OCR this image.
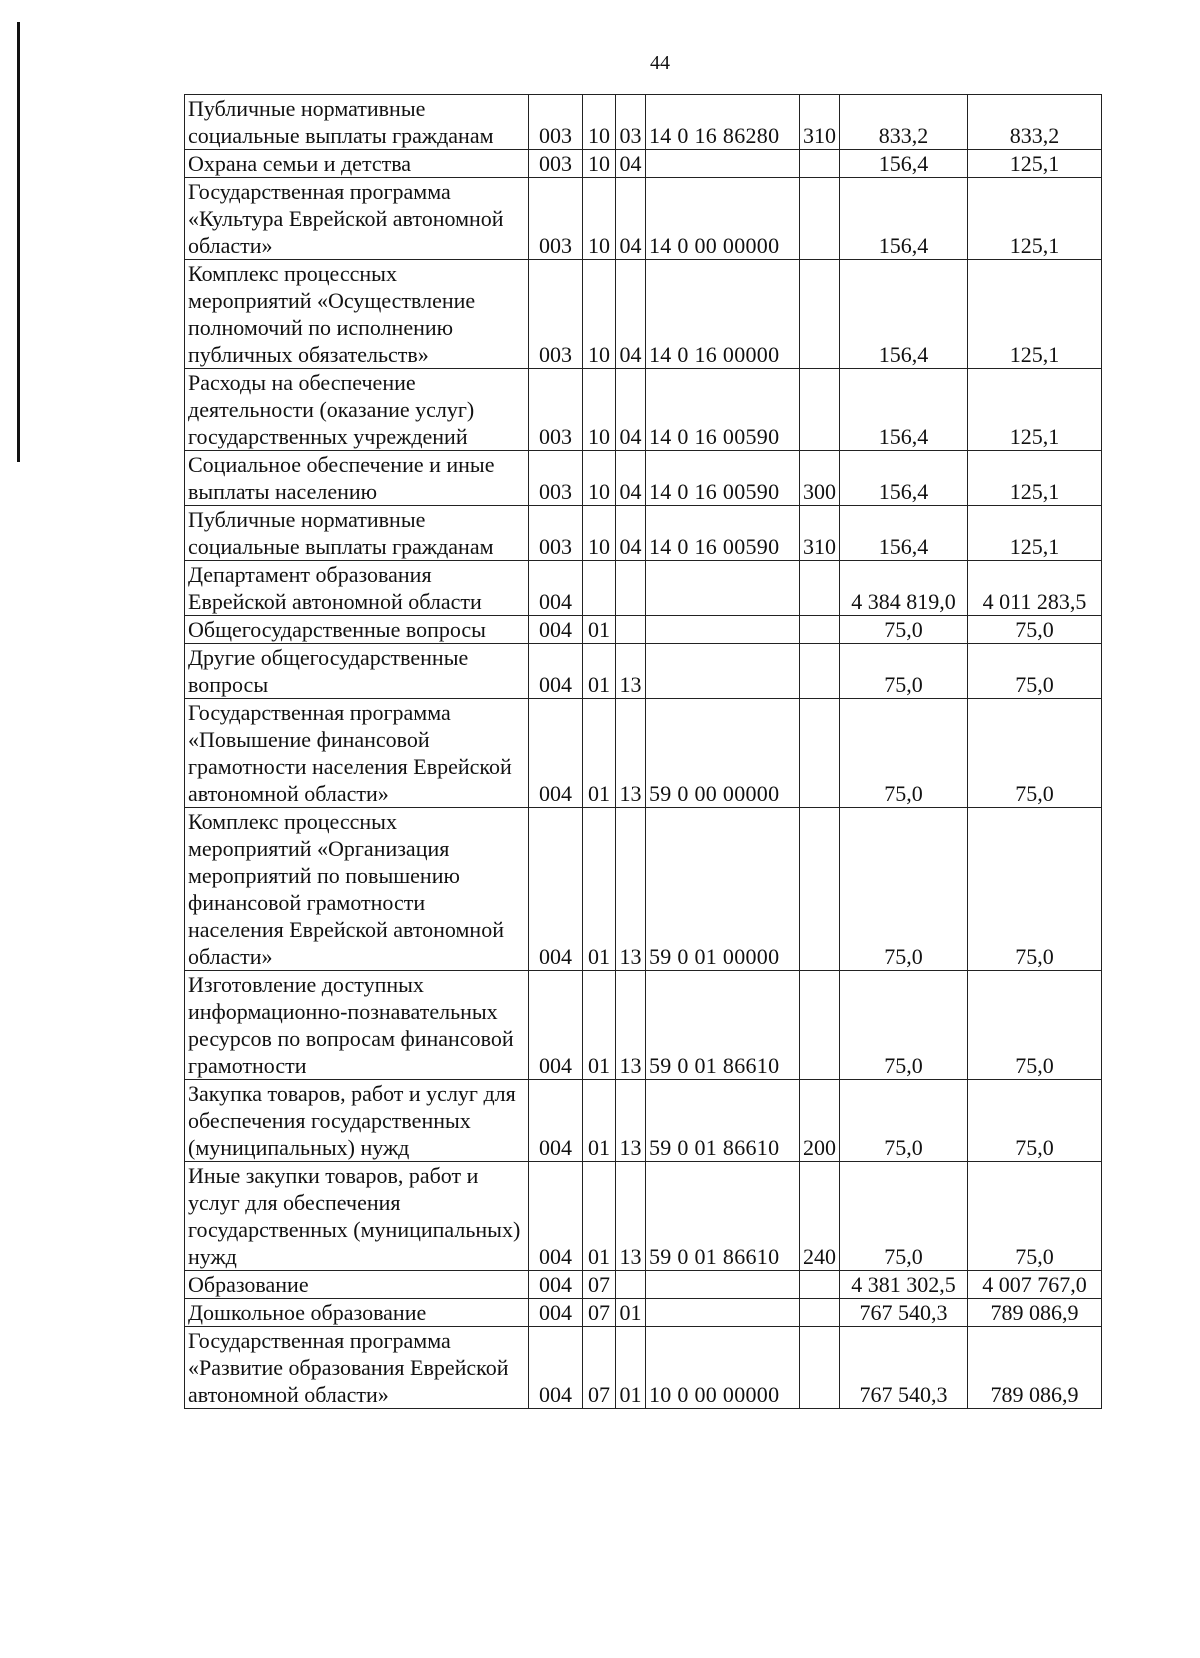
44
Публичные нормативные социальные выплаты гражданам	003	10	03	14 0 16 86280	310	833,2	833,2
Охрана семьи и детства	003	10	04			156,4	125,1
Государственная программа «Культура Еврейской автономной области»	003	10	04	14 0 00 00000		156,4	125,1
Комплекс процессных мероприятий «Осуществление полномочий по исполнению публичных обязательств»	003	10	04	14 0 16 00000		156,4	125,1
Расходы на обеспечение деятельности (оказание услуг) государственных учреждений	003	10	04	14 0 16 00590		156,4	125,1
Социальное обеспечение и иные выплаты населению	003	10	04	14 0 16 00590	300	156,4	125,1
Публичные нормативные социальные выплаты гражданам	003	10	04	14 0 16 00590	310	156,4	125,1
Департамент образования Еврейской автономной области	004					4 384 819,0	4 011 283,5
Общегосударственные вопросы	004	01				75,0	75,0
Другие общегосударственные вопросы	004	01	13			75,0	75,0
Государственная программа «Повышение финансовой грамотности населения Еврейской автономной области»	004	01	13	59 0 00 00000		75,0	75,0
Комплекс процессных мероприятий «Организация мероприятий по повышению финансовой грамотности населения Еврейской автономной области»	004	01	13	59 0 01 00000		75,0	75,0
Изготовление доступных информационно-познавательных ресурсов по вопросам финансовой грамотности	004	01	13	59 0 01 86610		75,0	75,0
Закупка товаров, работ и услуг для обеспечения государственных (муниципальных) нужд	004	01	13	59 0 01 86610	200	75,0	75,0
Иные закупки товаров, работ и услуг для обеспечения государственных (муниципальных) нужд	004	01	13	59 0 01 86610	240	75,0	75,0
Образование	004	07				4 381 302,5	4 007 767,0
Дошкольное образование	004	07	01			767 540,3	789 086,9
Государственная программа «Развитие образования Еврейской автономной области»	004	07	01	10 0 00 00000		767 540,3	789 086,9
